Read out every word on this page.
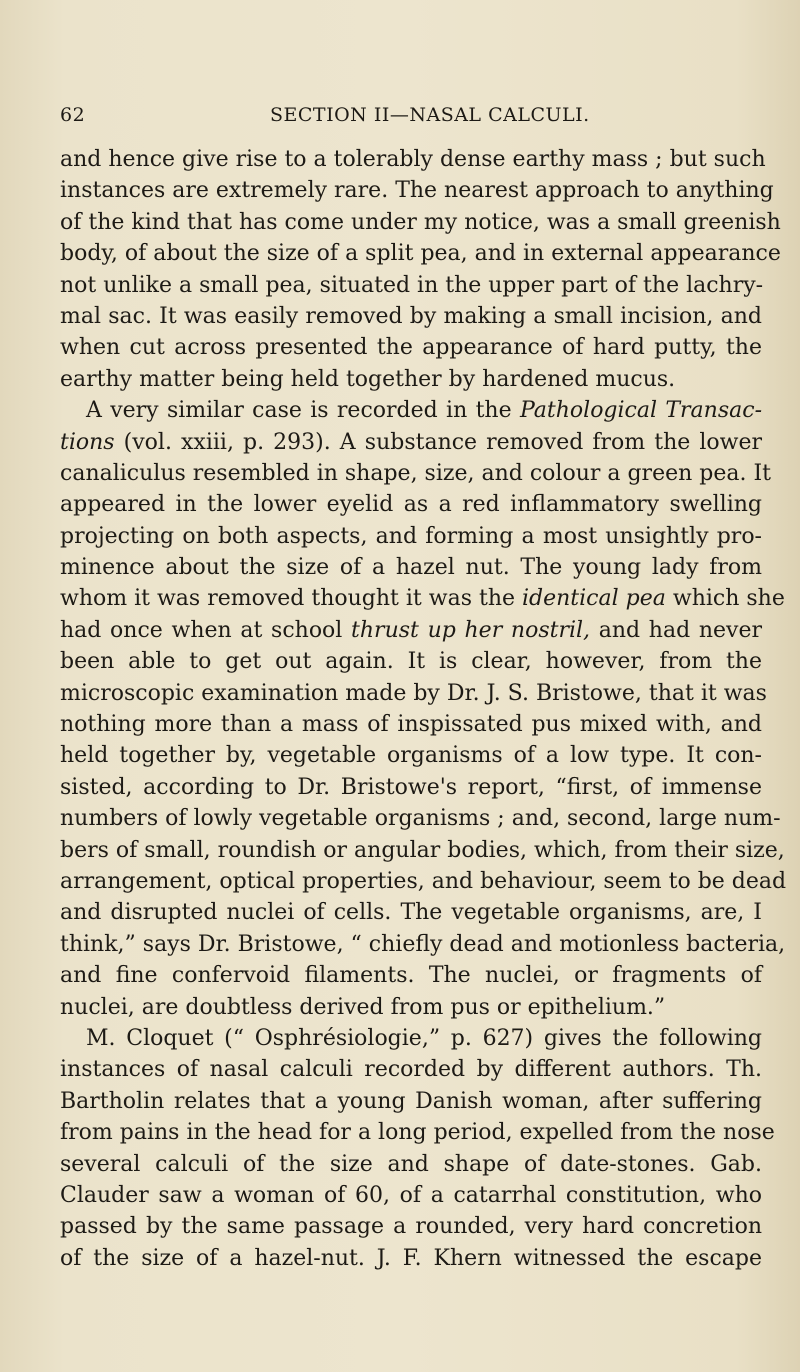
62	SECTION II—NASAL CALCULI.
and hence give rise to a tolerably dense earthy mass ; but such
instances are extremely rare. The nearest approach to anything
of the kind that has come under my notice, was a small greenish
body, of about the size of a split pea, and in external appearance
not unlike a small pea, situated in the upper part of the lachry-
mal sac. It was easily removed by making a small incision, and
when cut across presented the appearance of hard putty, the
earthy matter being held together by hardened mucus.
A very similar case is recorded in the Pathological Transac-
tions (vol. xxiii, p. 293). A substance removed from the lower
canaliculus resembled in shape, size, and colour a green pea. It
appeared in the lower eyelid as a red inflammatory swelling
projecting on both aspects, and forming a most unsightly pro-
minence about the size of a hazel nut. The young lady from
whom it was removed thought it was the identical pea which she
had once when at school thrust up her nostril, and had never
been able to get out again. It is clear, however, from the
microscopic examination made by Dr. J. S. Bristowe, that it was
nothing more than a mass of inspissated pus mixed with, and
held together by, vegetable organisms of a low type. It con-
sisted, according to Dr. Bristowe's report, “first, of immense
numbers of lowly vegetable organisms ; and, second, large num-
bers of small, roundish or angular bodies, which, from their size,
arrangement, optical properties, and behaviour, seem to be dead
and disrupted nuclei of cells. The vegetable organisms, are, I
think,” says Dr. Bristowe, “ chiefly dead and motionless bacteria,
and fine confervoid filaments. The nuclei, or fragments of
nuclei, are doubtless derived from pus or epithelium.”
M. Cloquet (“ Osphrésiologie,” p. 627) gives the following
instances of nasal calculi recorded by different authors. Th.
Bartholin relates that a young Danish woman, after suffering
from pains in the head for a long period, expelled from the nose
several calculi of the size and shape of date-stones. Gab.
Clauder saw a woman of 60, of a catarrhal constitution, who
passed by the same passage a rounded, very hard concretion
of the size of a hazel-nut. J. F. Khern witnessed the escape
